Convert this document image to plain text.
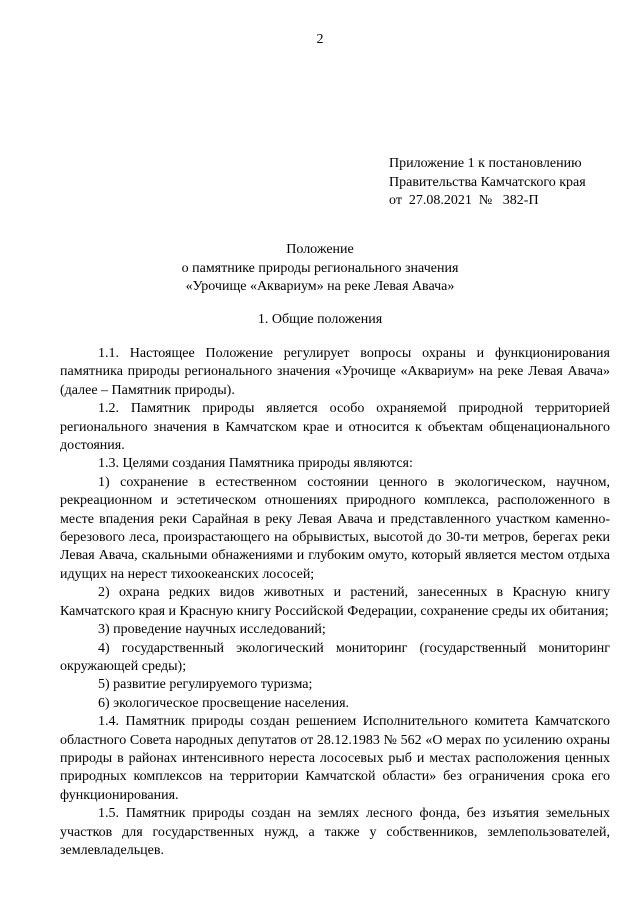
2
Приложение 1 к постановлению
Правительства Камчатского края
от  27.08.2021  №   382-П
Положение
о памятнике природы регионального значения
«Урочище «Аквариум» на реке Левая Авача»
1. Общие положения

1.1. Настоящее Положение регулирует вопросы охраны и функционирования памятника природы регионального значения «Урочище «Аквариум» на реке Левая Авача» (далее – Памятник природы).

1.2. Памятник природы является особо охраняемой природной территорией регионального значения в Камчатском крае и относится к объектам общенационального достояния.

1.3. Целями создания Памятника природы являются:

1) сохранение в естественном состоянии ценного в экологическом, научном, рекреационном и эстетическом отношениях природного комплекса, расположенного в месте впадения реки Сарайная в реку Левая Авача и представленного участком каменно-березового леса, произрастающего на обрывистых, высотой до 30-ти метров, берегах реки Левая Авача, скальными обнажениями и глубоким омуто, который является местом отдыха идущих на нерест тихоокеанских лососей;

2) охрана редких видов животных и растений, занесенных в Красную книгу Камчатского края и Красную книгу Российской Федерации, сохранение среды их обитания;

3) проведение научных исследований;

4) государственный экологический мониторинг (государственный мониторинг окружающей среды);

5) развитие регулируемого туризма;

6) экологическое просвещение населения.

1.4. Памятник природы создан решением Исполнительного комитета Камчатского областного Совета народных депутатов от 28.12.1983 № 562 «О мерах по усилению охраны природы в районах интенсивного нереста лососевых рыб и местах расположения ценных природных комплексов на территории Камчатской области» без ограничения срока его функционирования.

1.5. Памятник природы создан на землях лесного фонда, без изъятия земельных участков для государственных нужд, а также у собственников, землепользователей, землевладельцев.
